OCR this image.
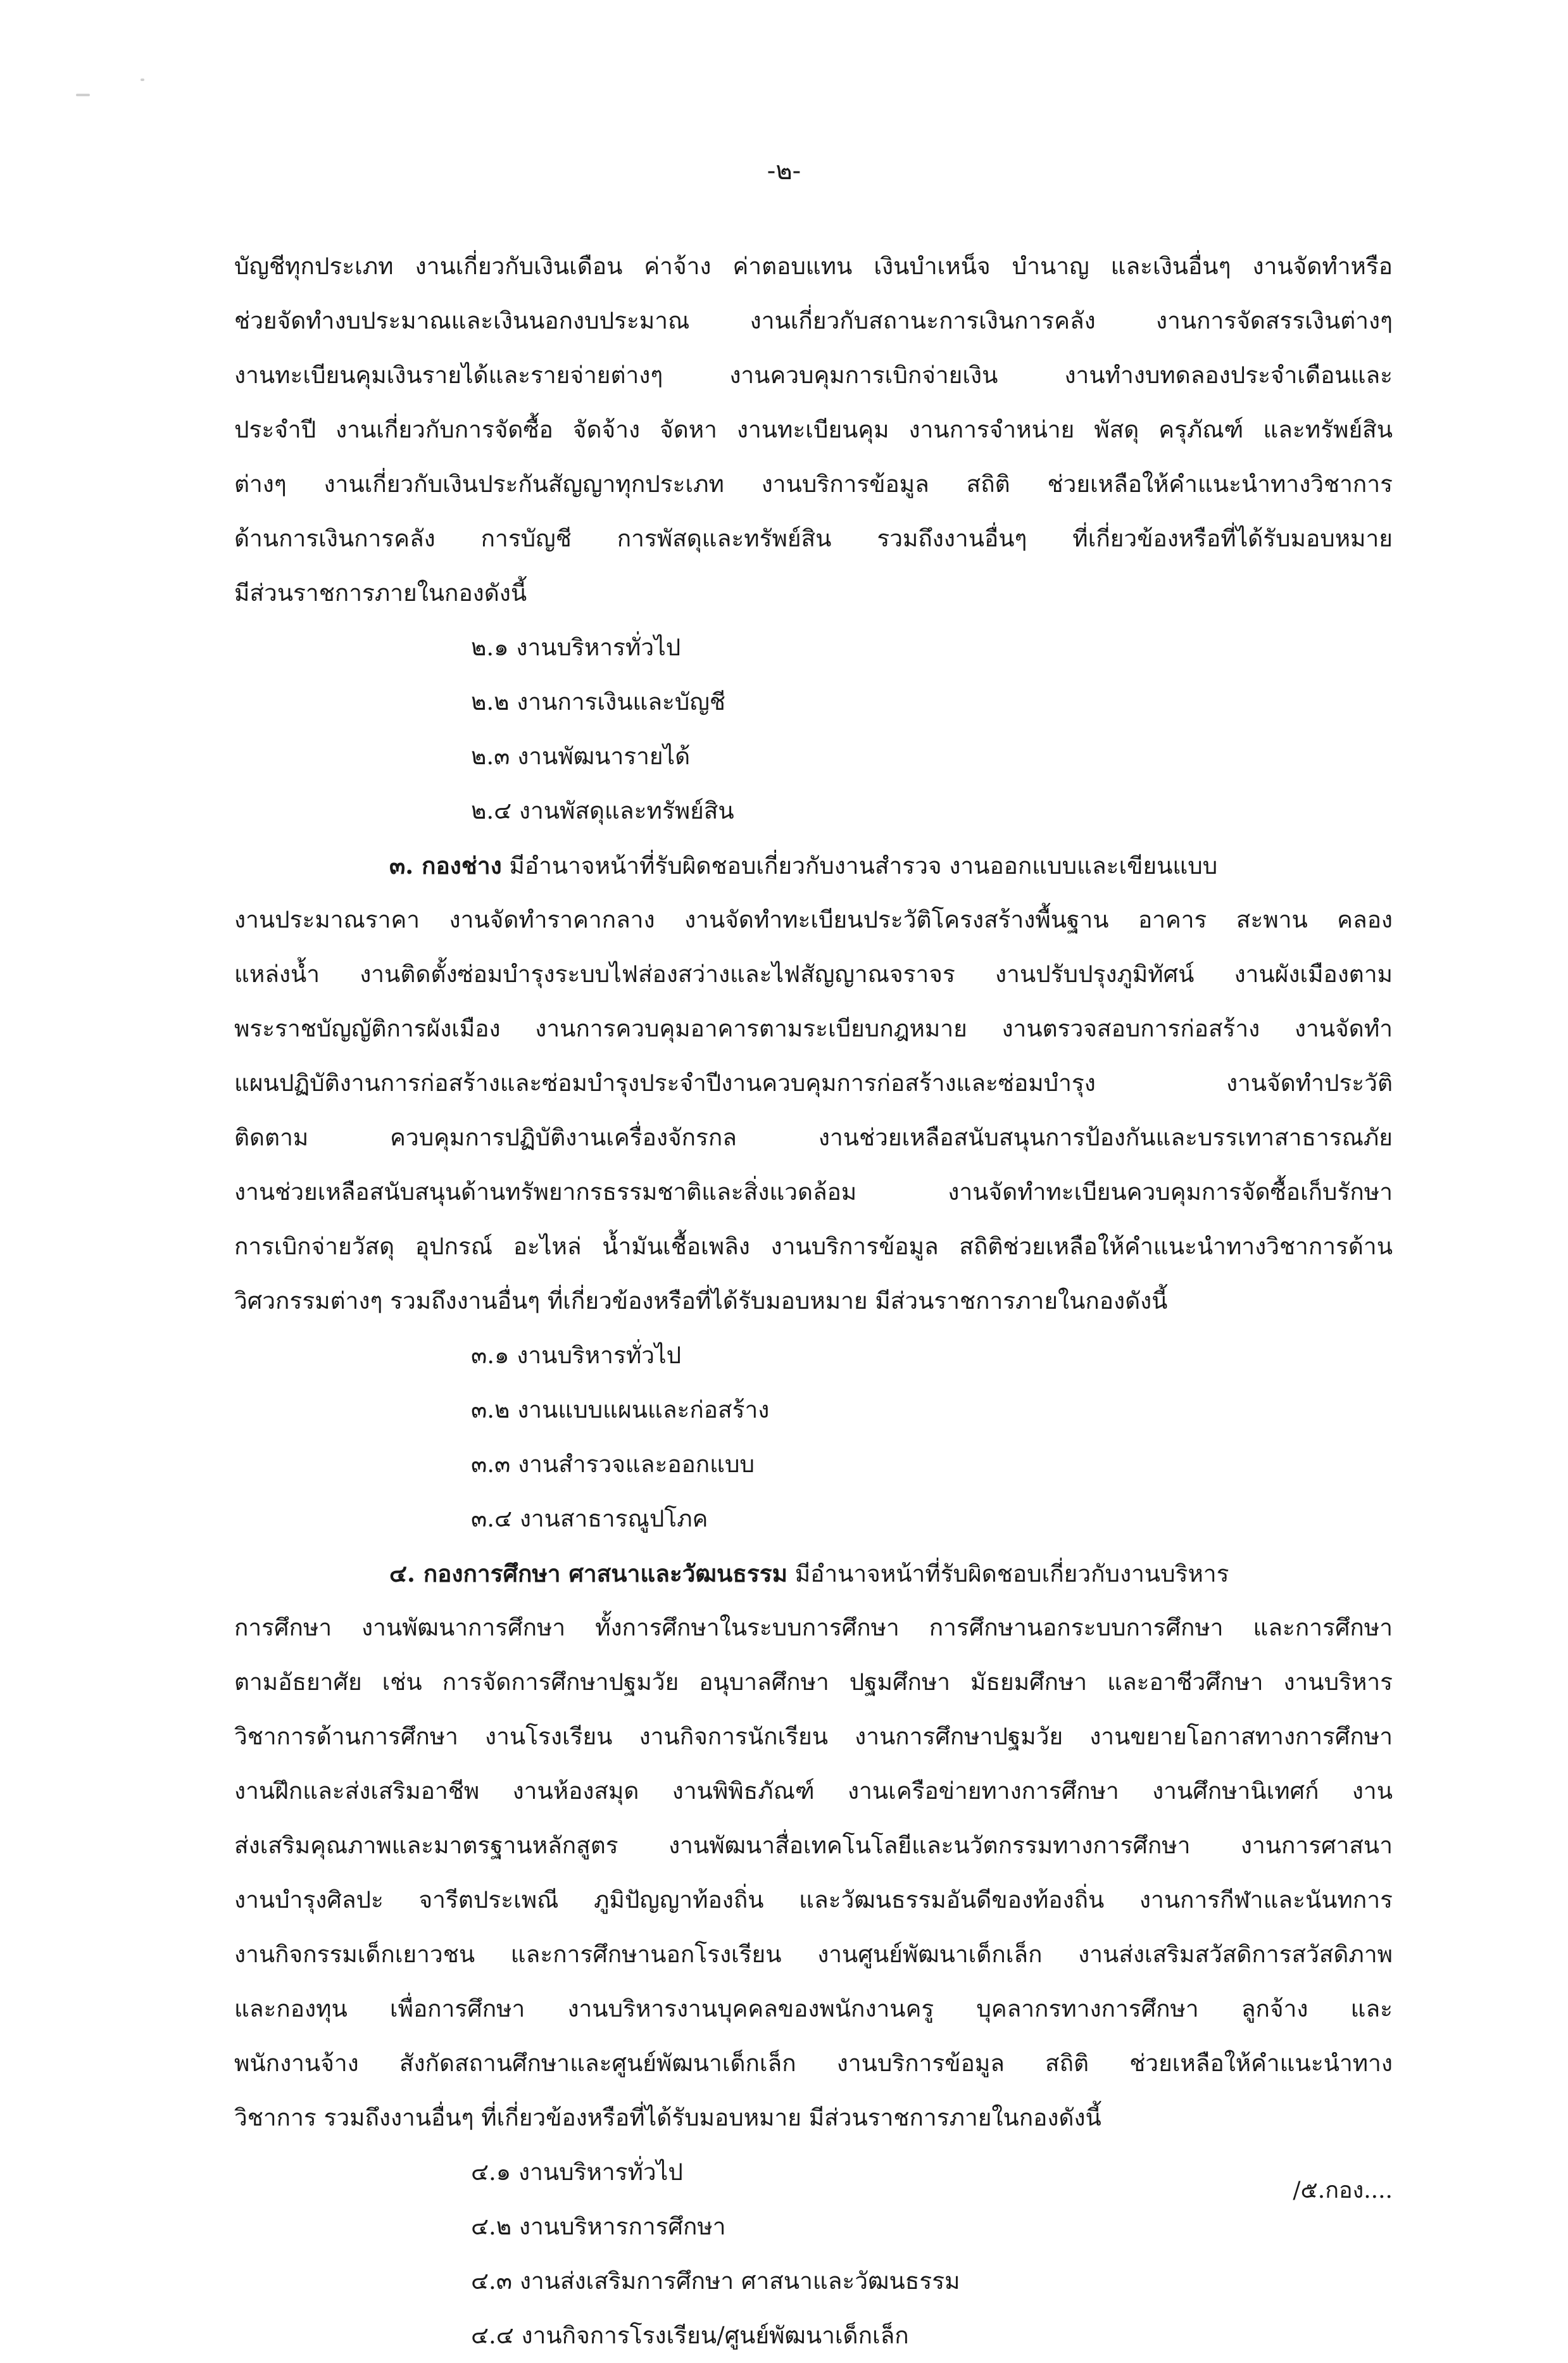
-๒-
บัญชีทุกประเภท งานเกี่ยวกับเงินเดือน ค่าจ้าง ค่าตอบแทน เงินบำเหน็จ บำนาญ และเงินอื่นๆ งานจัดทำหรือ
ช่วยจัดทำงบประมาณและเงินนอกงบประมาณ งานเกี่ยวกับสถานะการเงินการคลัง งานการจัดสรรเงินต่างๆ
งานทะเบียนคุมเงินรายได้และรายจ่ายต่างๆ งานควบคุมการเบิกจ่ายเงิน งานทำงบทดลองประจำเดือนและ
ประจำปี งานเกี่ยวกับการจัดซื้อ จัดจ้าง จัดหา งานทะเบียนคุม งานการจำหน่าย พัสดุ ครุภัณฑ์ และทรัพย์สิน
ต่างๆ งานเกี่ยวกับเงินประกันสัญญาทุกประเภท งานบริการข้อมูล สถิติ ช่วยเหลือให้คำแนะนำทางวิชาการ
ด้านการเงินการคลัง การบัญชี การพัสดุและทรัพย์สิน รวมถึงงานอื่นๆ ที่เกี่ยวข้องหรือที่ได้รับมอบหมาย
มีส่วนราชการภายในกองดังนี้
๒.๑ งานบริหารทั่วไป
๒.๒ งานการเงินและบัญชี
๒.๓ งานพัฒนารายได้
๒.๔ งานพัสดุและทรัพย์สิน
๓. กองช่าง มีอำนาจหน้าที่รับผิดชอบเกี่ยวกับงานสำรวจ งานออกแบบและเขียนแบบ
งานประมาณราคา งานจัดทำราคากลาง งานจัดทำทะเบียนประวัติโครงสร้างพื้นฐาน อาคาร สะพาน คลอง
แหล่งน้ำ งานติดตั้งซ่อมบำรุงระบบไฟส่องสว่างและไฟสัญญาณจราจร งานปรับปรุงภูมิทัศน์ งานผังเมืองตาม
พระราชบัญญัติการผังเมือง งานการควบคุมอาคารตามระเบียบกฎหมาย งานตรวจสอบการก่อสร้าง งานจัดทำ
แผนปฏิบัติงานการก่อสร้างและซ่อมบำรุงประจำปีงานควบคุมการก่อสร้างและซ่อมบำรุง งานจัดทำประวัติ
ติดตาม ควบคุมการปฏิบัติงานเครื่องจักรกล งานช่วยเหลือสนับสนุนการป้องกันและบรรเทาสาธารณภัย
งานช่วยเหลือสนับสนุนด้านทรัพยากรธรรมชาติและสิ่งแวดล้อม งานจัดทำทะเบียนควบคุมการจัดซื้อเก็บรักษา
การเบิกจ่ายวัสดุ อุปกรณ์ อะไหล่ น้ำมันเชื้อเพลิง งานบริการข้อมูล สถิติช่วยเหลือให้คำแนะนำทางวิชาการด้าน
วิศวกรรมต่างๆ รวมถึงงานอื่นๆ ที่เกี่ยวข้องหรือที่ได้รับมอบหมาย มีส่วนราชการภายในกองดังนี้
๓.๑ งานบริหารทั่วไป
๓.๒ งานแบบแผนและก่อสร้าง
๓.๓ งานสำรวจและออกแบบ
๓.๔ งานสาธารณูปโภค
๔. กองการศึกษา ศาสนาและวัฒนธรรม มีอำนาจหน้าที่รับผิดชอบเกี่ยวกับงานบริหาร
การศึกษา งานพัฒนาการศึกษา ทั้งการศึกษาในระบบการศึกษา การศึกษานอกระบบการศึกษา และการศึกษา
ตามอัธยาศัย เช่น การจัดการศึกษาปฐมวัย อนุบาลศึกษา ปฐมศึกษา มัธยมศึกษา และอาชีวศึกษา งานบริหาร
วิชาการด้านการศึกษา งานโรงเรียน งานกิจการนักเรียน งานการศึกษาปฐมวัย งานขยายโอกาสทางการศึกษา
งานฝึกและส่งเสริมอาชีพ งานห้องสมุด งานพิพิธภัณฑ์ งานเครือข่ายทางการศึกษา งานศึกษานิเทศก์ งาน
ส่งเสริมคุณภาพและมาตรฐานหลักสูตร งานพัฒนาสื่อเทคโนโลยีและนวัตกรรมทางการศึกษา งานการศาสนา
งานบำรุงศิลปะ จารีตประเพณี ภูมิปัญญาท้องถิ่น และวัฒนธรรมอันดีของท้องถิ่น งานการกีฬาและนันทการ
งานกิจกรรมเด็กเยาวชน และการศึกษานอกโรงเรียน งานศูนย์พัฒนาเด็กเล็ก งานส่งเสริมสวัสดิการสวัสดิภาพ
และกองทุน เพื่อการศึกษา งานบริหารงานบุคคลของพนักงานครู บุคลากรทางการศึกษา ลูกจ้าง และ
พนักงานจ้าง สังกัดสถานศึกษาและศูนย์พัฒนาเด็กเล็ก งานบริการข้อมูล สถิติ ช่วยเหลือให้คำแนะนำทาง
วิชาการ รวมถึงงานอื่นๆ ที่เกี่ยวข้องหรือที่ได้รับมอบหมาย มีส่วนราชการภายในกองดังนี้
๔.๑ งานบริหารทั่วไป
๔.๒ งานบริหารการศึกษา
๔.๓ งานส่งเสริมการศึกษา ศาสนาและวัฒนธรรม
๔.๔ งานกิจการโรงเรียน/ศูนย์พัฒนาเด็กเล็ก
/๕.กอง....
